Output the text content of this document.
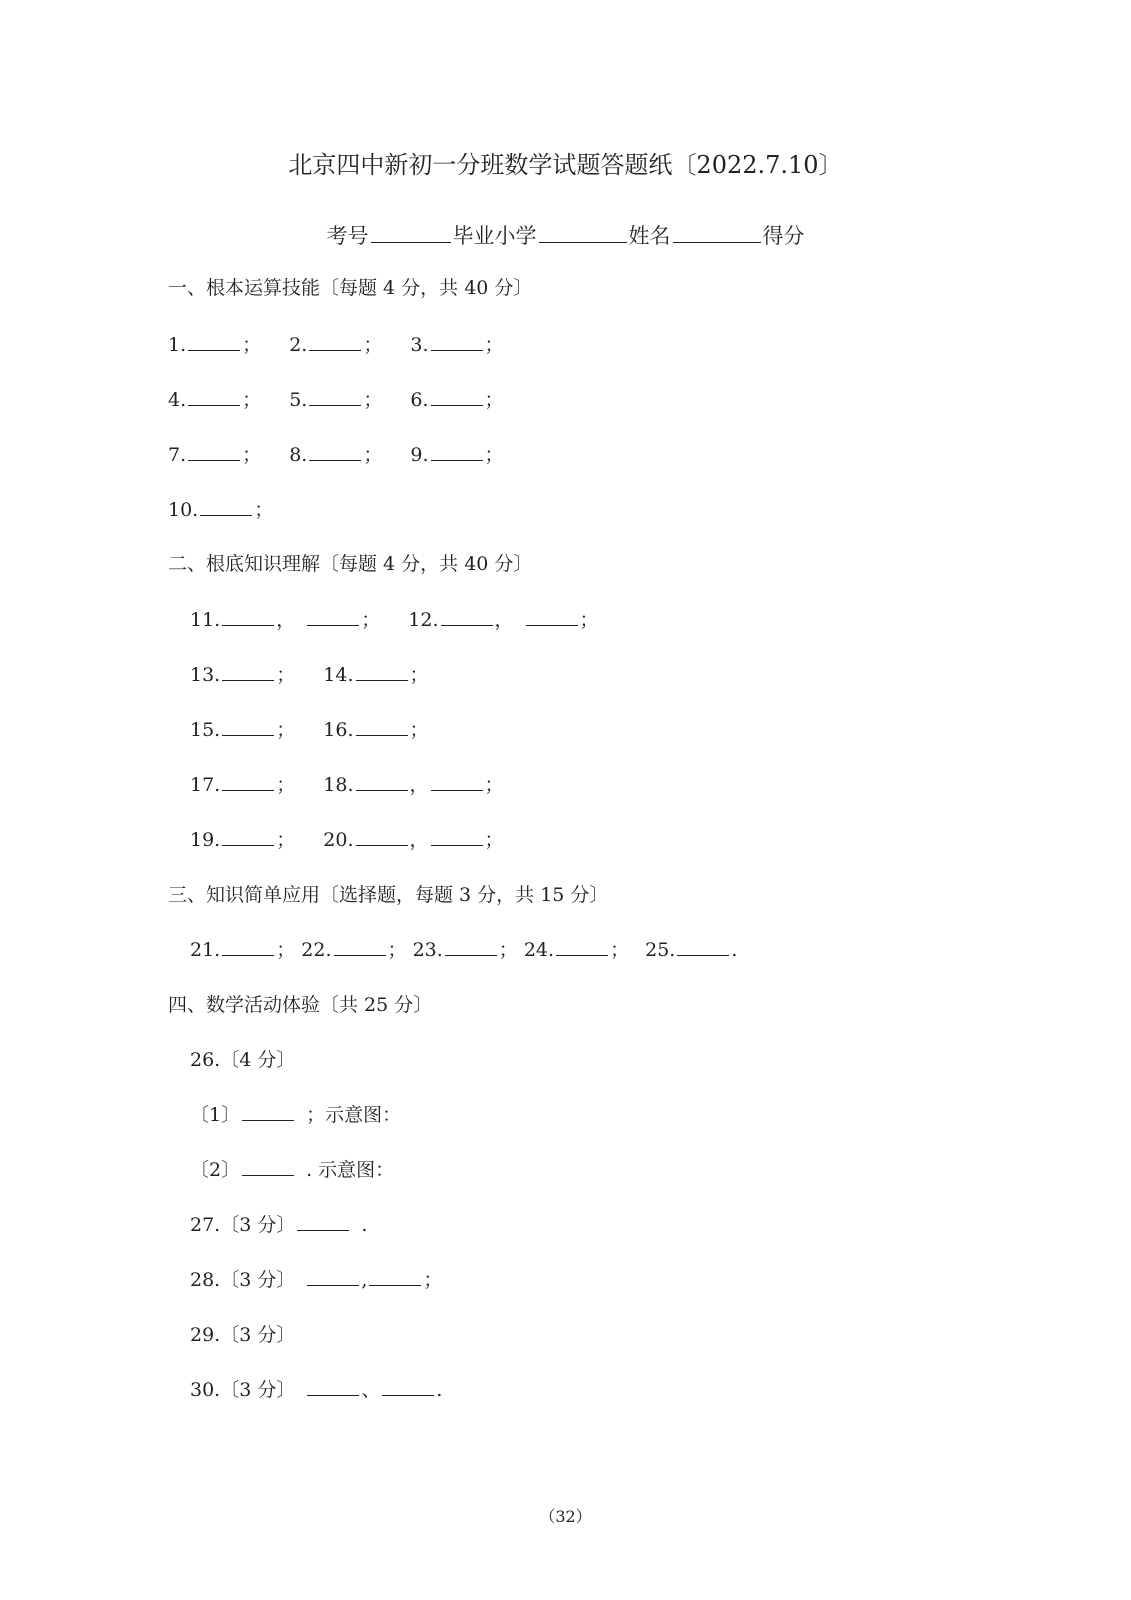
北京四中新初一分班数学试题答题纸〔2022.7.10〕
考号	毕业小学	姓名	得分
一、根本运算技能〔每题 4 分，共 40 分〕
1.	； 2.	； 3.	；
4.	； 5.	； 6.	；
7.	； 8.	； 9.	；
10.	；
二、根底知识理解〔每题 4 分，共 40 分〕
11.	，	； 12.	，	；
13.	； 14.	；
15.	； 16.	；
17.	； 18.	，	；
19.	； 20.	，	；
三、知识简单应用〔选择题，每题 3 分，共 15 分〕
21.	； 22.	； 23.	； 24.	； 25.	.
四、数学活动体验〔共 25 分〕
26.〔4 分〕
〔1〕	；示意图：
〔2〕	. 示意图：
27.〔3 分〕	.
28.〔3 分〕	,	；
29.〔3 分〕
30.〔3 分〕	、	.
（32）
